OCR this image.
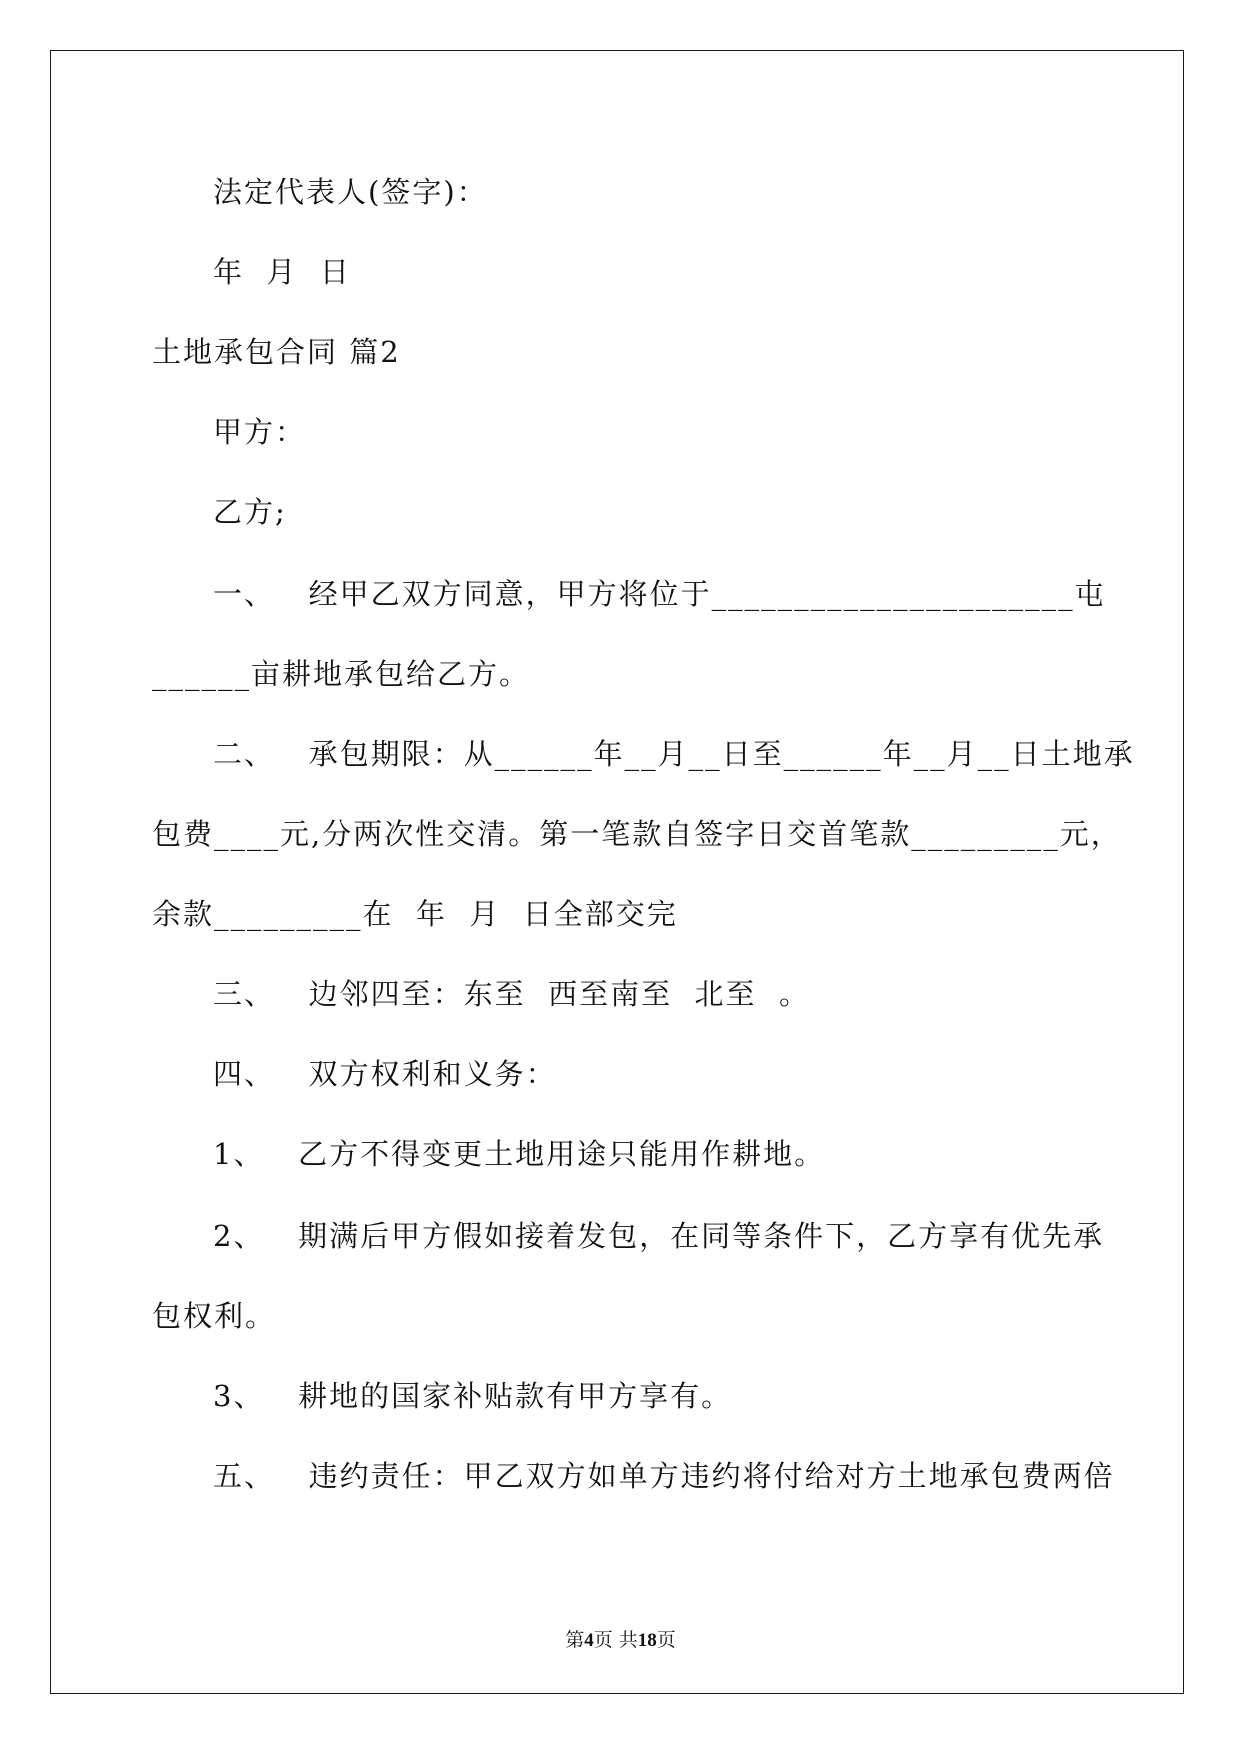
法定代表人(签字)：

年  月  日

土地承包合同 篇2

甲方：

乙方;

一、   经甲乙双方同意，甲方将位于______________________屯

______亩耕地承包给乙方。

二、   承包期限：从______年__月__日至______年__月__日土地承

包费____元,分两次性交清。第一笔款自签字日交首笔款_________元，

余款_________在  年  月  日全部交完

三、   边邻四至：东至  西至南至  北至  。

四、   双方权利和义务：

1、   乙方不得变更土地用途只能用作耕地。

2、   期满后甲方假如接着发包，在同等条件下，乙方享有优先承

包权利。

3、   耕地的国家补贴款有甲方享有。

五、   违约责任：甲乙双方如单方违约将付给对方土地承包费两倍

第4页 共18页
